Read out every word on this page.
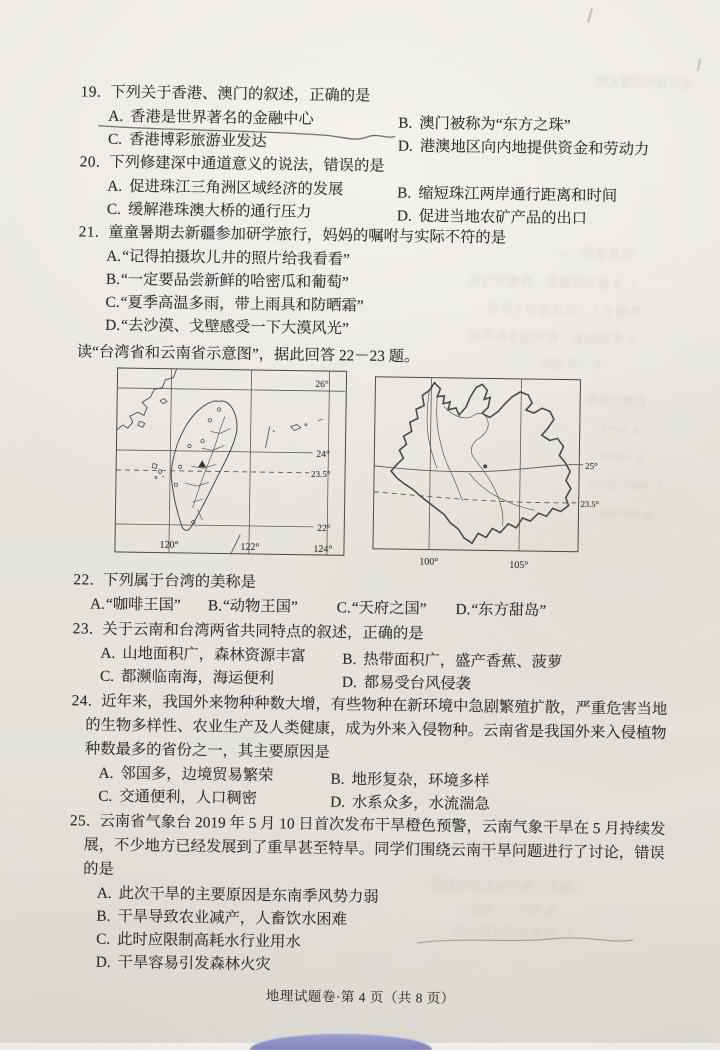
装订线内答题无效
注意事项：—
1. 本卷为试题卷，答案须写在
答题卡上，在试题卷上作答
2. 考试结束，将试题卷和答题
卡一并交回
位置示意图
A. 100°E
B. 100°W
C. 100°E 23.5°S
D. 100°W N
下列关于图中城市群的叙述
A. 特色“三大区
C. 地势高原区的中心

19. 下列关于香港、澳门的叙述，正确的是

A. 香港是世界著名的金融中心	B. 澳门被称为“东方之珠”
C. 香港博彩旅游业发达	D. 港澳地区向内地提供资金和劳动力

20. 下列修建深中通道意义的说法，错误的是

A. 促进珠江三角洲区域经济的发展	B. 缩短珠江两岸通行距离和时间
C. 缓解港珠澳大桥的通行压力	D. 促进当地农矿产品的出口

21. 童童暑期去新疆参加研学旅行，妈妈的嘱咐与实际不符的是

A.“记得拍摄坎儿井的照片给我看看”
B.“一定要品尝新鲜的哈密瓜和葡萄”
C.“夏季高温多雨，带上雨具和防晒霜”
D.“去沙漠、戈壁感受一下大漠风光”
读“台湾省和云南省示意图”，据此回答 22－23 题。
26°
24°
23.5°
22°
120°	122°	124°
25°
23.5°
100°	105°

22. 下列属于台湾的美称是

A.“咖啡王国” B.“动物王国”	C.“天府之国” D.“东方甜岛”

23. 关于云南和台湾两省共同特点的叙述，正确的是

A. 山地面积广，森林资源丰富	B. 热带面积广，盛产香蕉、菠萝
C. 都濒临南海，海运便利	D. 都易受台风侵袭

24. 近年来，我国外来物种种数大增，有些物种在新环境中急剧繁殖扩散，严重危害当地的生物多样性、农业生产及人类健康，成为外来入侵物种。云南省是我国外来入侵植物种数最多的省份之一，其主要原因是

A. 邻国多，边境贸易繁荣	B. 地形复杂，环境多样
C. 交通便利，人口稠密	D. 水系众多，水流湍急

25. 云南省气象台 2019 年 5 月 10 日首次发布干旱橙色预警，云南气象干旱在 5 月持续发展，不少地方已经发展到了重旱甚至特旱。同学们围绕云南干旱问题进行了讨论，错误的是

A. 此次干旱的主要原因是东南季风势力弱
B. 干旱导致农业减产，人畜饮水困难
C. 此时应限制高耗水行业用水
D. 干旱容易引发森林火灾
地理试题卷·第 4 页（共 8 页）
